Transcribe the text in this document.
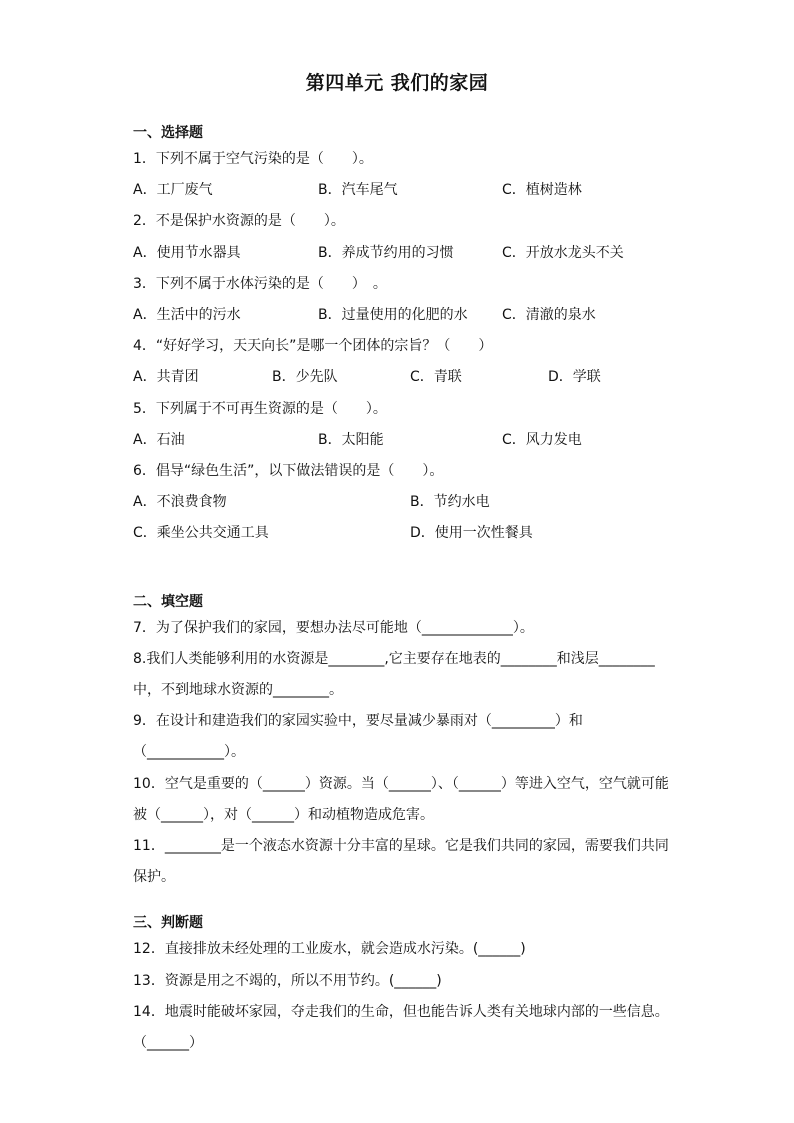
第四单元 我们的家园
一、选择题
1．下列不属于空气污染的是（　　）。
A．工厂废气	B．汽车尾气	C．植树造林
2．不是保护水资源的是（　　）。
A．使用节水器具	B．养成节约用的习惯	C．开放水龙头不关
3．下列不属于水体污染的是（　　）　。
A．生活中的污水	B．过量使用的化肥的水 C．清澈的泉水
4．“好好学习，天天向长”是哪一个团体的宗旨？（　　）
A．共青团	B．少先队	C．青联	D．学联
5．下列属于不可再生资源的是（　　）。
A．石油	B．太阳能	C．风力发电
6．倡导“绿色生活”，以下做法错误的是（　　）。
A．不浪费食物	B．节约水电
C．乘坐公共交通工具	D．使用一次性餐具
二、填空题
7．为了保护我们的家园，要想办法尽可能地（_____________）。
8.我们人类能够利用的水资源是________,它主要存在地表的________和浅层________
中，不到地球水资源的________。
9．在设计和建造我们的家园实验中，要尽量减少暴雨对（_________）和
（___________）。
10．空气是重要的（______）资源。当（______）、（______）等进入空气，空气就可能
被（______），对（______）和动植物造成危害。
11．________是一个液态水资源十分丰富的星球。它是我们共同的家园，需要我们共同
保护。
三、判断题
12．直接排放未经处理的工业废水，就会造成水污染。(______)
13．资源是用之不竭的，所以不用节约。(______)
14．地震时能破坏家园，夺走我们的生命，但也能告诉人类有关地球内部的一些信息。
（______）
